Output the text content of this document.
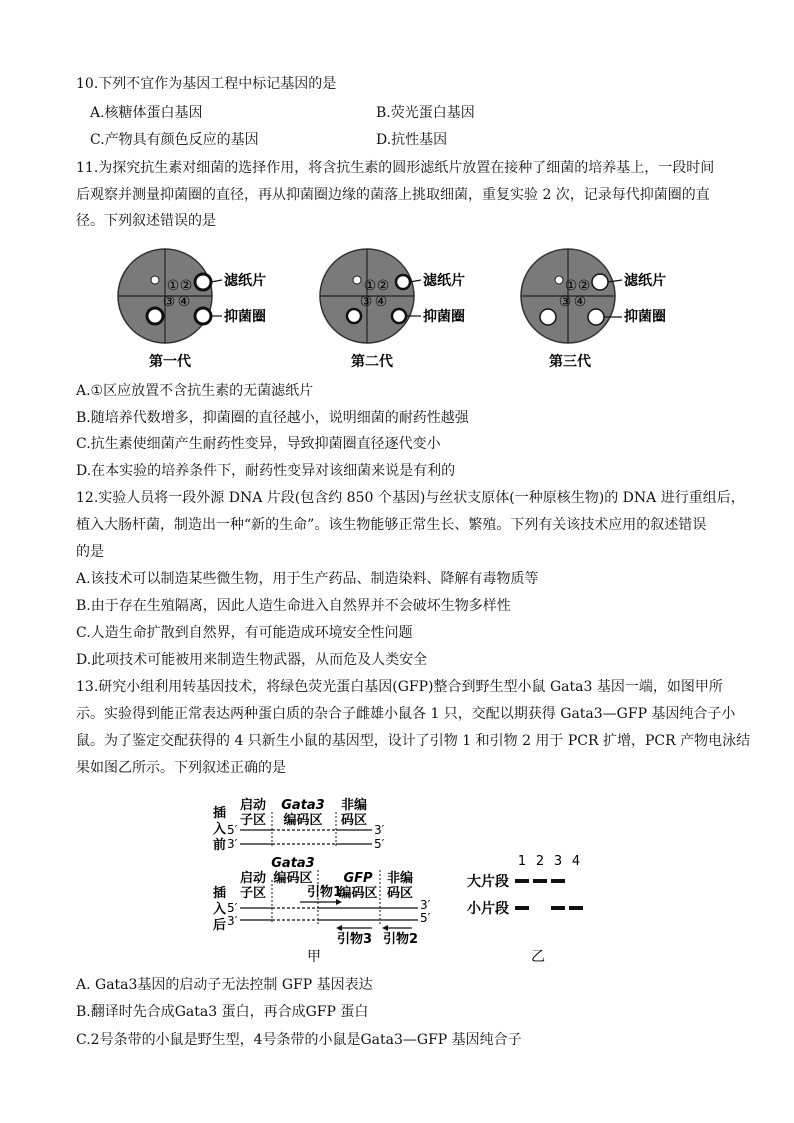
10.下列不宜作为基因工程中标记基因的是
A.核糖体蛋白基因	B.荧光蛋白基因
C.产物具有颜色反应的基因	D.抗性基因
11.为探究抗生素对细菌的选择作用，将含抗生素的圆形滤纸片放置在接种了细菌的培养基上，一段时间
后观察并测量抑菌圈的直径，再从抑菌圈边缘的菌落上挑取细菌，重复实验 2 次，记录每代抑菌圈的直
径。下列叙述错误的是
① ②
③ ④
滤纸片
抑菌圈
第一代
① ②
③ ④
滤纸片
抑菌圈
第二代
① ②
③ ④
滤纸片
抑菌圈
第三代
A.①区应放置不含抗生素的无菌滤纸片
B.随培养代数增多，抑菌圈的直径越小，说明细菌的耐药性越强
C.抗生素使细菌产生耐药性变异，导致抑菌圈直径逐代变小
D.在本实验的培养条件下，耐药性变异对该细菌来说是有利的
12.实验人员将一段外源 DNA 片段(包含约 850 个基因)与丝状支原体(一种原核生物)的 DNA 进行重组后，
植入大肠杆菌，制造出一种“新的生命”。该生物能够正常生长、繁殖。下列有关该技术应用的叙述错误
的是
A.该技术可以制造某些微生物，用于生产药品、制造染料、降解有毒物质等
B.由于存在生殖隔离，因此人造生命进入自然界并不会破坏生物多样性
C.人造生命扩散到自然界，有可能造成环境安全性问题
D.此项技术可能被用来制造生物武器，从而危及人类安全
13.研究小组利用转基因技术，将绿色荧光蛋白基因(GFP)整合到野生型小鼠 Gata3 基因一端，如图甲所
示。实验得到能正常表达两种蛋白质的杂合子雌雄小鼠各 1 只，交配以期获得 Gata3—GFP 基因纯合子小
鼠。为了鉴定交配获得的 4 只新生小鼠的基因型，设计了引物 1 和引物 2 用于 PCR 扩增，PCR 产物电泳结
果如图乙所示。下列叙述正确的是
插
入
前
启动
子区
Gata3
编码区
非编
码区
5′
3′
3′
5′
插
入
后
Gata3
编码区
启动
子区
GFP
编码区
非编
码区
引物1
5′
3′
3′
5′
引物3 引物2
甲
1 2 3 4
大片段
小片段
乙
A. Gata3基因的启动子无法控制 GFP 基因表达
B.翻译时先合成Gata3 蛋白，再合成GFP 蛋白
C.2号条带的小鼠是野生型，4号条带的小鼠是Gata3—GFP 基因纯合子
